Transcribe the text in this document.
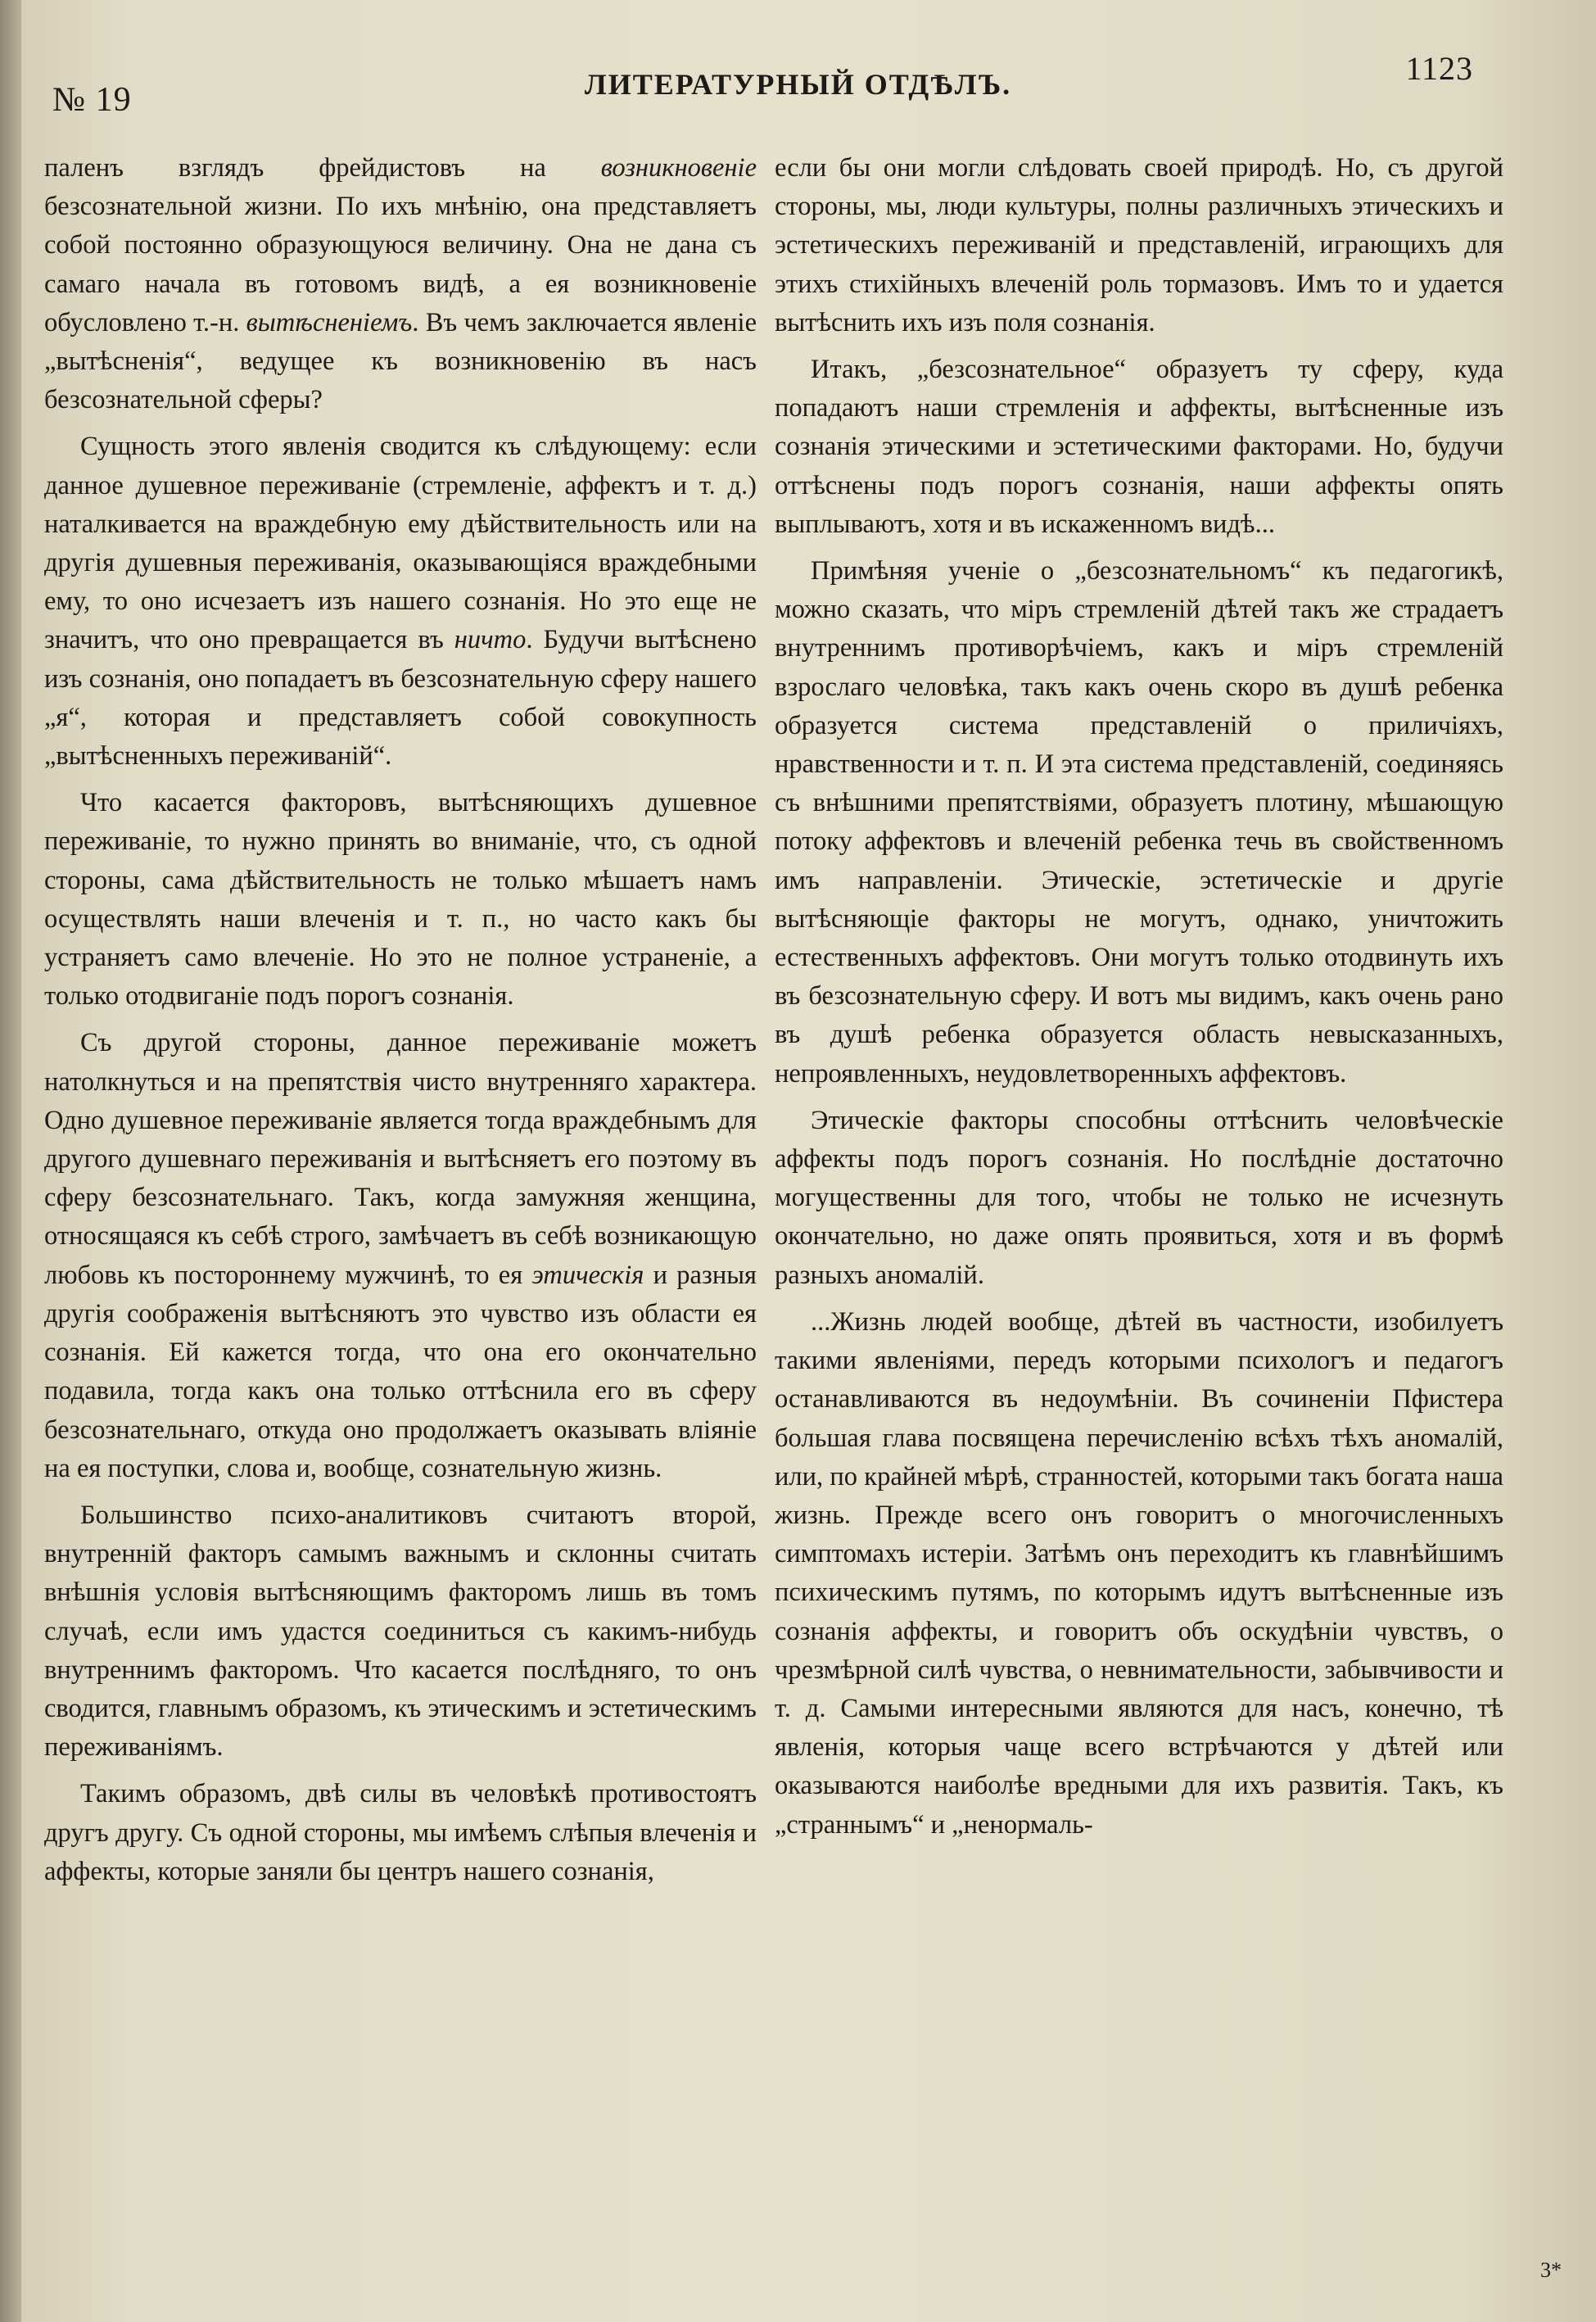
№ 19	ЛИТЕРАТУРНЫЙ ОТДѢЛЪ.	1123

паленъ взглядъ фрейдистовъ на возникновеніе безсознательной жизни. По ихъ мнѣнію, она представляетъ собой постоянно образующуюся величину. Она не дана съ самаго начала въ готовомъ видѣ, а ея возникновеніе обусловлено т.-н. вытѣсненіемъ. Въ чемъ заключается явленіе „вытѣсненія“, ведущее къ возникновенію въ насъ безсознательной сферы?

Сущность этого явленія сводится къ слѣдующему: если данное душевное переживаніе (стремленіе, аффектъ и т. д.) наталкивается на враждебную ему дѣйствительность или на другія душевныя переживанія, оказывающіяся враждебными ему, то оно исчезаетъ изъ нашего сознанія. Но это еще не значитъ, что оно превращается въ ничто. Будучи вытѣснено изъ сознанія, оно попадаетъ въ безсознательную сферу нашего „я“, которая и представляетъ собой совокупность „вытѣсненныхъ переживаній“.

Что касается факторовъ, вытѣсняющихъ душевное переживаніе, то нужно принять во вниманіе, что, съ одной стороны, сама дѣйствительность не только мѣшаетъ намъ осуществлять наши влеченія и т. п., но часто какъ бы устраняетъ само влеченіе. Но это не полное устраненіе, а только отодвиганіе подъ порогъ сознанія.

Съ другой стороны, данное переживаніе можетъ натолкнуться и на препятствія чисто внутренняго характера. Одно душевное переживаніе является тогда враждебнымъ для другого душевнаго переживанія и вытѣсняетъ его поэтому въ сферу безсознательнаго. Такъ, когда замужняя женщина, относящаяся къ себѣ строго, замѣчаетъ въ себѣ возникающую любовь къ постороннему мужчинѣ, то ея этическія и разныя другія соображенія вытѣсняютъ это чувство изъ области ея сознанія. Ей кажется тогда, что она его окончательно подавила, тогда какъ она только оттѣснила его въ сферу безсознательнаго, откуда оно продолжаетъ оказывать вліяніе на ея поступки, слова и, вообще, сознательную жизнь.

Большинство психо-аналитиковъ считаютъ второй, внутренній факторъ самымъ важнымъ и склонны считать внѣшнія условія вытѣсняющимъ факторомъ лишь въ томъ случаѣ, если имъ удастся соединиться съ какимъ-нибудь внутреннимъ факторомъ. Что касается послѣдняго, то онъ сводится, главнымъ образомъ, къ этическимъ и эстетическимъ переживаніямъ.

Такимъ образомъ, двѣ силы въ человѣкѣ противостоятъ другъ другу. Съ одной стороны, мы имѣемъ слѣпыя влеченія и аффекты, которые заняли бы центръ нашего сознанія,

если бы они могли слѣдовать своей природѣ. Но, съ другой стороны, мы, люди культуры, полны различныхъ этическихъ и эстетическихъ переживаній и представленій, играющихъ для этихъ стихійныхъ влеченій роль тормазовъ. Имъ то и удается вытѣснить ихъ изъ поля сознанія.

Итакъ, „безсознательное“ образуетъ ту сферу, куда попадаютъ наши стремленія и аффекты, вытѣсненные изъ сознанія этическими и эстетическими факторами. Но, будучи оттѣснены подъ порогъ сознанія, наши аффекты опять выплываютъ, хотя и въ искаженномъ видѣ...

Примѣняя ученіе о „безсознательномъ“ къ педагогикѣ, можно сказать, что міръ стремленій дѣтей такъ же страдаетъ внутреннимъ противорѣчіемъ, какъ и міръ стремленій взрослаго человѣка, такъ какъ очень скоро въ душѣ ребенка образуется система представленій о приличіяхъ, нравственности и т. п. И эта система представленій, соединяясь съ внѣшними препятствіями, образуетъ плотину, мѣшающую потоку аффектовъ и влеченій ребенка течь въ свойственномъ имъ направленіи. Этическіе, эстетическіе и другіе вытѣсняющіе факторы не могутъ, однако, уничтожить естественныхъ аффектовъ. Они могутъ только отодвинуть ихъ въ безсознательную сферу. И вотъ мы видимъ, какъ очень рано въ душѣ ребенка образуется область невысказанныхъ, непроявленныхъ, неудовлетворенныхъ аффектовъ.

Этическіе факторы способны оттѣснить человѣческіе аффекты подъ порогъ сознанія. Но послѣдніе достаточно могущественны для того, чтобы не только не исчезнуть окончательно, но даже опять проявиться, хотя и въ формѣ разныхъ аномалій.

...Жизнь людей вообще, дѣтей въ частности, изобилуетъ такими явленіями, передъ которыми психологъ и педагогъ останавливаются въ недоумѣніи. Въ сочиненіи Пфистера большая глава посвящена перечисленію всѣхъ тѣхъ аномалій, или, по крайней мѣрѣ, странностей, которыми такъ богата наша жизнь. Прежде всего онъ говоритъ о многочисленныхъ симптомахъ истеріи. Затѣмъ онъ переходитъ къ главнѣйшимъ психическимъ путямъ, по которымъ идутъ вытѣсненные изъ сознанія аффекты, и говоритъ объ оскудѣніи чувствъ, о чрезмѣрной силѣ чувства, о невнимательности, забывчивости и т. д. Самыми интересными являются для насъ, конечно, тѣ явленія, которыя чаще всего встрѣчаются у дѣтей или оказываются наиболѣе вредными для ихъ развитія. Такъ, къ „страннымъ“ и „ненормаль-

3*
